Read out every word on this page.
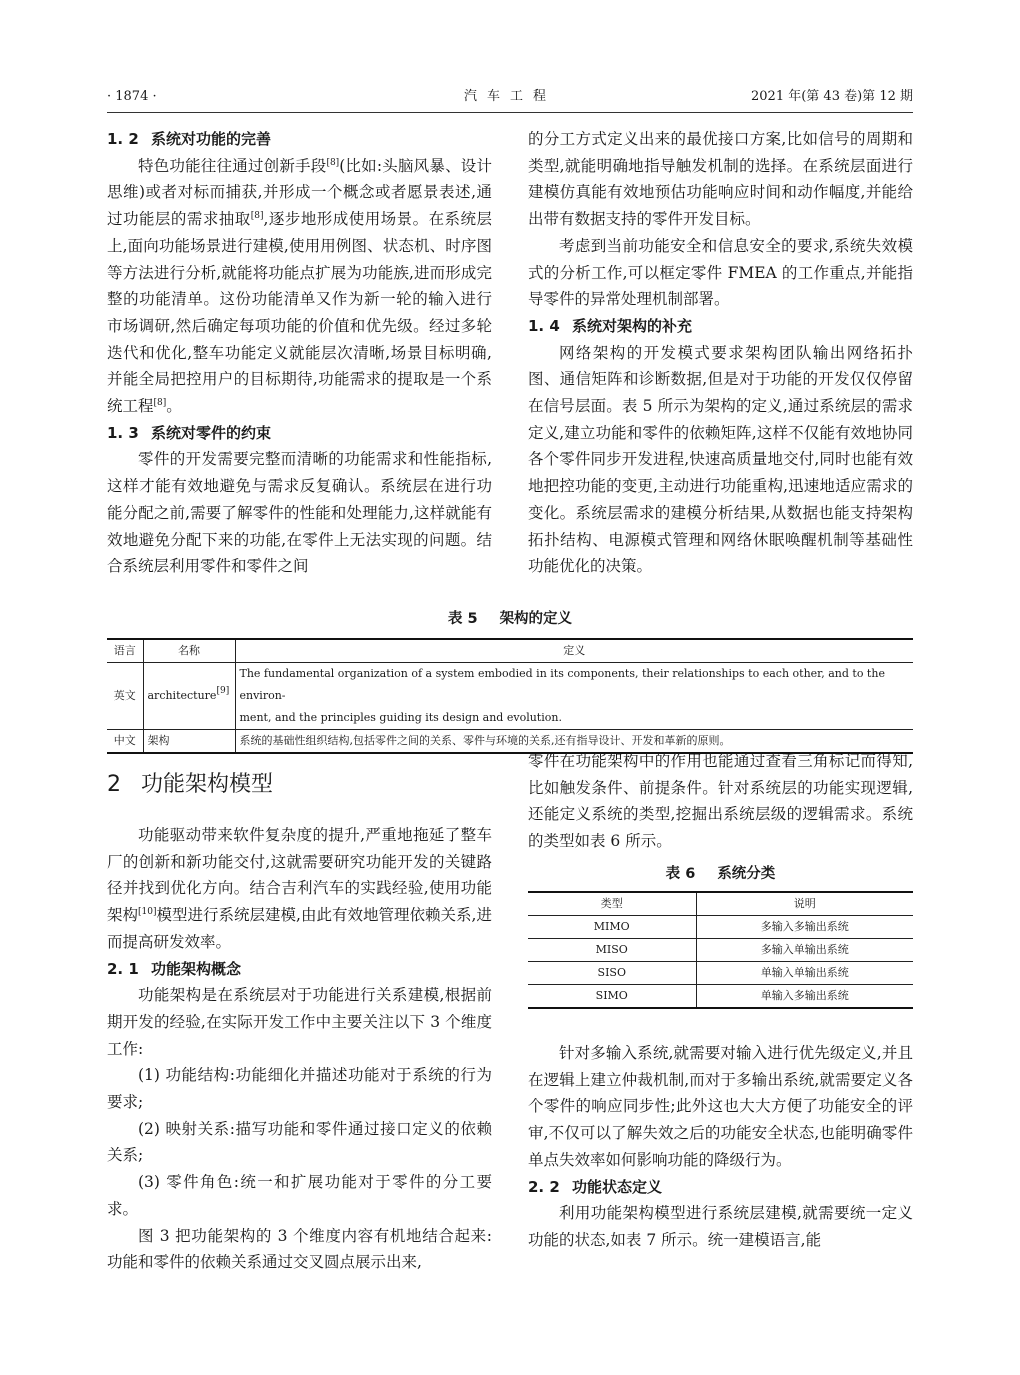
· 1874 ·	汽车工程	2021 年(第 43 卷)第 12 期
1. 2 系统对功能的完善

特色功能往往通过创新手段[8](比如:头脑风暴、设计思维)或者对标而捕获,并形成一个概念或者愿景表述,通过功能层的需求抽取[8],逐步地形成使用场景。在系统层上,面向功能场景进行建模,使用用例图、状态机、时序图等方法进行分析,就能将功能点扩展为功能族,进而形成完整的功能清单。这份功能清单又作为新一轮的输入进行市场调研,然后确定每项功能的价值和优先级。经过多轮迭代和优化,整车功能定义就能层次清晰,场景目标明确,并能全局把控用户的目标期待,功能需求的提取是一个系统工程[8]。

1. 3 系统对零件的约束

零件的开发需要完整而清晰的功能需求和性能指标,这样才能有效地避免与需求反复确认。系统层在进行功能分配之前,需要了解零件的性能和处理能力,这样就能有效地避免分配下来的功能,在零件上无法实现的问题。结合系统层利用零件和零件之间

的分工方式定义出来的最优接口方案,比如信号的周期和类型,就能明确地指导触发机制的选择。在系统层面进行建模仿真能有效地预估功能响应时间和动作幅度,并能给出带有数据支持的零件开发目标。

考虑到当前功能安全和信息安全的要求,系统失效模式的分析工作,可以框定零件 FMEA 的工作重点,并能指导零件的异常处理机制部署。

1. 4 系统对架构的补充

网络架构的开发模式要求架构团队输出网络拓扑图、通信矩阵和诊断数据,但是对于功能的开发仅仅停留在信号层面。表 5 所示为架构的定义,通过系统层的需求定义,建立功能和零件的依赖矩阵,这样不仅能有效地协同各个零件同步开发进程,快速高质量地交付,同时也能有效地把控功能的变更,主动进行功能重构,迅速地适应需求的变化。系统层需求的建模分析结果,从数据也能支持架构拓扑结构、电源模式管理和网络休眠唤醒机制等基础性功能优化的决策。

表 5 架构的定义
语言	名称	定义
英文	architecture[9]	The fundamental organization of a system embodied in its components, their relationships to each other, and to the environ-
ment, and the principles guiding its design and evolution.

中文	架构	系统的基础性组织结构,包括零件之间的关系、零件与环境的关系,还有指导设计、开发和革新的原则。
2 功能架构模型

功能驱动带来软件复杂度的提升,严重地拖延了整车厂的创新和新功能交付,这就需要研究功能开发的关键路径并找到优化方向。结合吉利汽车的实践经验,使用功能架构[10]模型进行系统层建模,由此有效地管理依赖关系,进而提高研发效率。

2. 1 功能架构概念

功能架构是在系统层对于功能进行关系建模,根据前期开发的经验,在实际开发工作中主要关注以下 3 个维度工作:

(1) 功能结构:功能细化并描述功能对于系统的行为要求;

(2) 映射关系:描写功能和零件通过接口定义的依赖关系;

(3) 零件角色:统一和扩展功能对于零件的分工要求。

图 3 把功能架构的 3 个维度内容有机地结合起来:功能和零件的依赖关系通过交叉圆点展示出来,

零件在功能架构中的作用也能通过查看三角标记而得知,比如触发条件、前提条件。针对系统层的功能实现逻辑,还能定义系统的类型,挖掘出系统层级的逻辑需求。系统的类型如表 6 所示。

表 6 系统分类
类型	说明
MIMO	多输入多输出系统
MISO	多输入单输出系统
SISO	单输入单输出系统
SIMO	单输入多输出系统

针对多输入系统,就需要对输入进行优先级定义,并且在逻辑上建立仲裁机制,而对于多输出系统,就需要定义各个零件的响应同步性;此外这也大大方便了功能安全的评审,不仅可以了解失效之后的功能安全状态,也能明确零件单点失效率如何影响功能的降级行为。

2. 2 功能状态定义

利用功能架构模型进行系统层建模,就需要统一定义功能的状态,如表 7 所示。统一建模语言,能
